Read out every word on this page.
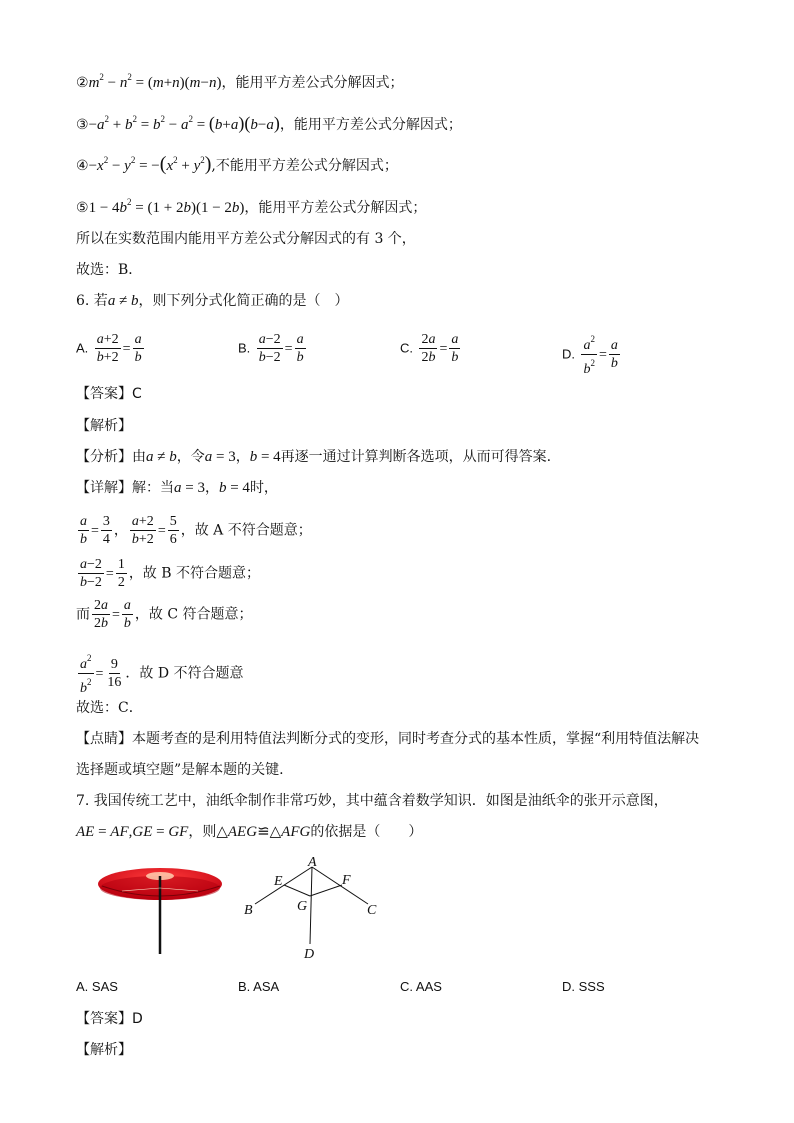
$②m^2 - n^2 = (m+n)(m-n)$，能用平方差公式分解因式；
$③-a^2 + b^2 = b^2 - a^2 = (b+a)(b-a)$，能用平方差公式分解因式；
$④-x^2 - y^2 = -(x^2 + y^2)$,不能用平方差公式分解因式；
⑤1 − $4b^2 = (1 + 2b)(1 - 2b)$，能用平方差公式分解因式；
所以在实数范围内能用平方差公式分解因式的有 3 个，
故选：B．
6. 若a ≠ b，则下列分式化简正确的是（　）
A. $\frac{a+2}{b+2} = \frac{a}{b}$	B. $\frac{a-2}{b-2} = \frac{a}{b}$	C. $\frac{2a}{2b} = \frac{a}{b}$	D. $\frac{a^2}{b^2} = \frac{a}{b}$
【答案】C
【解析】
【分析】由a ≠ b，令a = 3，b = 4再逐一通过计算判断各选项，从而可得答案.
【详解】解：当a = 3，b = 4时，
$\frac{a}{b} = \frac{3}{4}$ ， $\frac{a+2}{b+2} = \frac{5}{6}$ ，故 A 不符合题意；
$\frac{a-2}{b-2} = \frac{1}{2}$ ，故 B 不符合题意；
而 $\frac{2a}{2b} = \frac{a}{b}$ ，故 C 符合题意；
$\frac{a^2}{b^2} = \frac{9}{16}$ ．故 D 不符合题意
故选：C．
【点睛】本题考查的是利用特值法判断分式的变形，同时考查分式的基本性质，掌握“利用特值法解决
选择题或填空题”是解本题的关键.
7. 我国传统工艺中，油纸伞制作非常巧妙，其中蕴含着数学知识．如图是油纸伞的张开示意图，
AE = AF,GE = GF，则△AEG≌△AFG的依据是（　　）
A
E	F
B	G	C
D
A. SAS	B. ASA	C. AAS	D. SSS
【答案】D
【解析】
